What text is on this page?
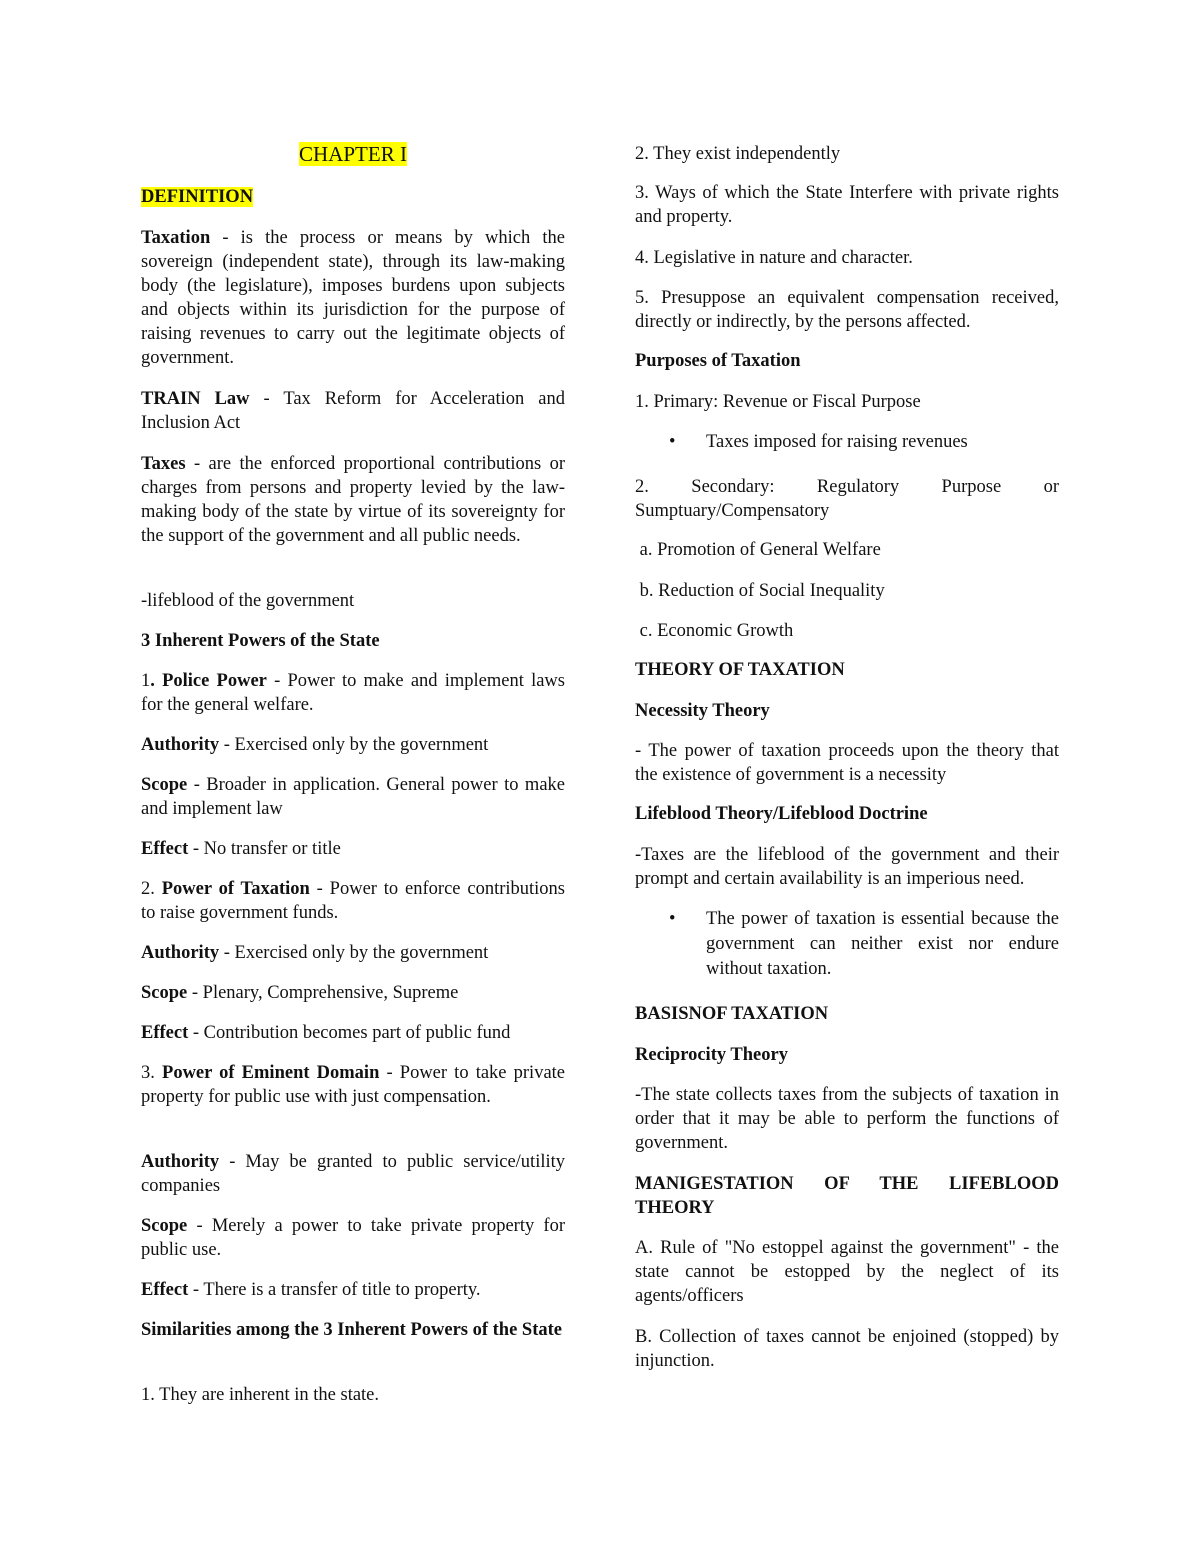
CHAPTER I

DEFINITION

Taxation - is the process or means by which the sovereign (independent state), through its law-making body (the legislature), imposes burdens upon subjects and objects within its jurisdiction for the purpose of raising revenues to carry out the legitimate objects of government.

TRAIN Law - Tax Reform for Acceleration and Inclusion Act

Taxes - are the enforced proportional contributions or charges from persons and property levied by the law-making body of the state by virtue of its sovereignty for the support of the government and all public needs.

-lifeblood of the government

3 Inherent Powers of the State

1. Police Power - Power to make and implement laws for the general welfare.

Authority - Exercised only by the government

Scope - Broader in application. General power to make and implement law

Effect - No transfer or title

2. Power of Taxation - Power to enforce contributions to raise government funds.

Authority - Exercised only by the government

Scope - Plenary, Comprehensive, Supreme

Effect - Contribution becomes part of public fund

3. Power of Eminent Domain - Power to take private property for public use with just compensation.

Authority - May be granted to public service/utility companies

Scope - Merely a power to take private property for public use.

Effect - There is a transfer of title to property.

Similarities among the 3 Inherent Powers of the State

1. They are inherent in the state.

2. They exist independently

3. Ways of which the State Interfere with private rights and property.

4. Legislative in nature and character.

5. Presuppose an equivalent compensation received, directly or indirectly, by the persons affected.

Purposes of Taxation

1. Primary: Revenue or Fiscal Purpose

• Taxes imposed for raising revenues

2. Secondary: Regulatory Purpose or Sumptuary/Compensatory

a. Promotion of General Welfare

b. Reduction of Social Inequality

c. Economic Growth

THEORY OF TAXATION

Necessity Theory

- The power of taxation proceeds upon the theory that the existence of government is a necessity

Lifeblood Theory/Lifeblood Doctrine

-Taxes are the lifeblood of the government and their prompt and certain availability is an imperious need.

• The power of taxation is essential because the government can neither exist nor endure without taxation.

BASISNOF TAXATION

Reciprocity Theory

-The state collects taxes from the subjects of taxation in order that it may be able to perform the functions of government.

MANIGESTATION OF THE LIFEBLOOD THEORY

A. Rule of "No estoppel against the government" - the state cannot be estopped by the neglect of its agents/officers

B. Collection of taxes cannot be enjoined (stopped) by injunction.
